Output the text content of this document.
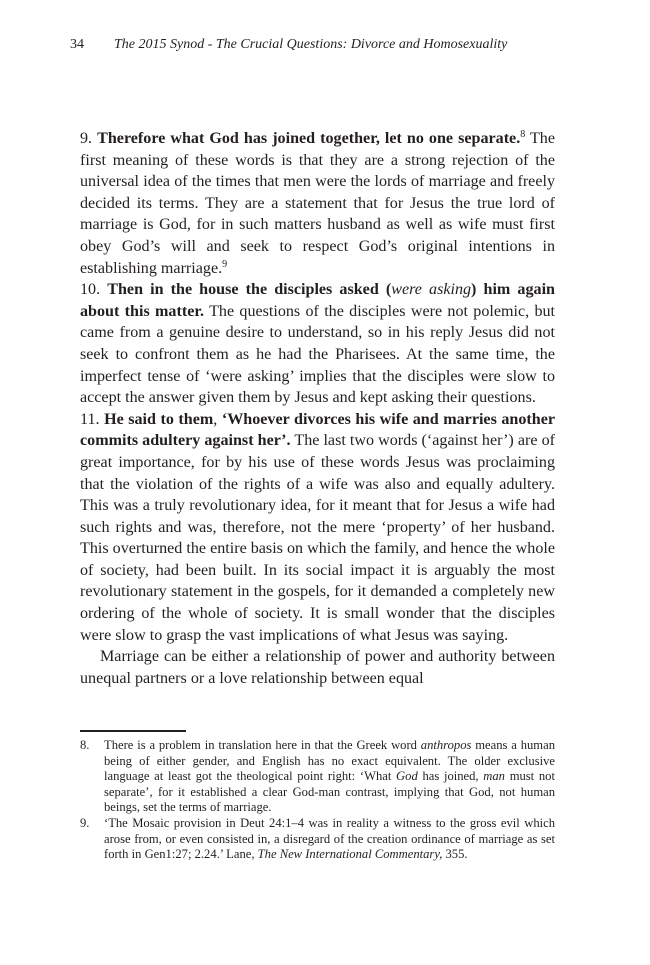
34 The 2015 Synod - The Crucial Questions: Divorce and Homosexuality

9. Therefore what God has joined together, let no one separate.$^8$ The first meaning of these words is that they are a strong rejection of the universal idea of the times that men were the lords of marriage and freely decided its terms. They are a statement that for Jesus the true lord of marriage is God, for in such matters husband as well as wife must first obey God’s will and seek to respect God’s original intentions in establishing marriage.$^9$

10. Then in the house the disciples asked (were asking) him again about this matter. The questions of the disciples were not polemic, but came from a genuine desire to understand, so in his reply Jesus did not seek to confront them as he had the Pharisees. At the same time, the imperfect tense of ‘were asking’ implies that the disciples were slow to accept the answer given them by Jesus and kept asking their questions.

11. He said to them, ‘Whoever divorces his wife and marries another commits adultery against her’. The last two words (‘against her’) are of great importance, for by his use of these words Jesus was proclaiming that the violation of the rights of a wife was also and equally adultery. This was a truly revolutionary idea, for it meant that for Jesus a wife had such rights and was, therefore, not the mere ‘property’ of her husband. This overturned the entire basis on which the family, and hence the whole of society, had been built. In its social impact it is arguably the most revolutionary statement in the gospels, for it demanded a completely new ordering of the whole of society. It is small wonder that the disciples were slow to grasp the vast implications of what Jesus was saying.

Marriage can be either a relationship of power and authority between unequal partners or a love relationship between equal

8.	There is a problem in translation here in that the Greek word anthropos means a human being of either gender, and English has no exact equivalent. The older exclusive language at least got the theological point right: ‘What God has joined, man must not separate’, for it established a clear God-man contrast, implying that God, not human beings, set the terms of marriage.
9.	‘The Mosaic provision in Deut 24:1–4 was in reality a witness to the gross evil which arose from, or even consisted in, a disregard of the creation ordinance of marriage as set forth in Gen1:27; 2.24.’ Lane, The New International Commentary, 355.
